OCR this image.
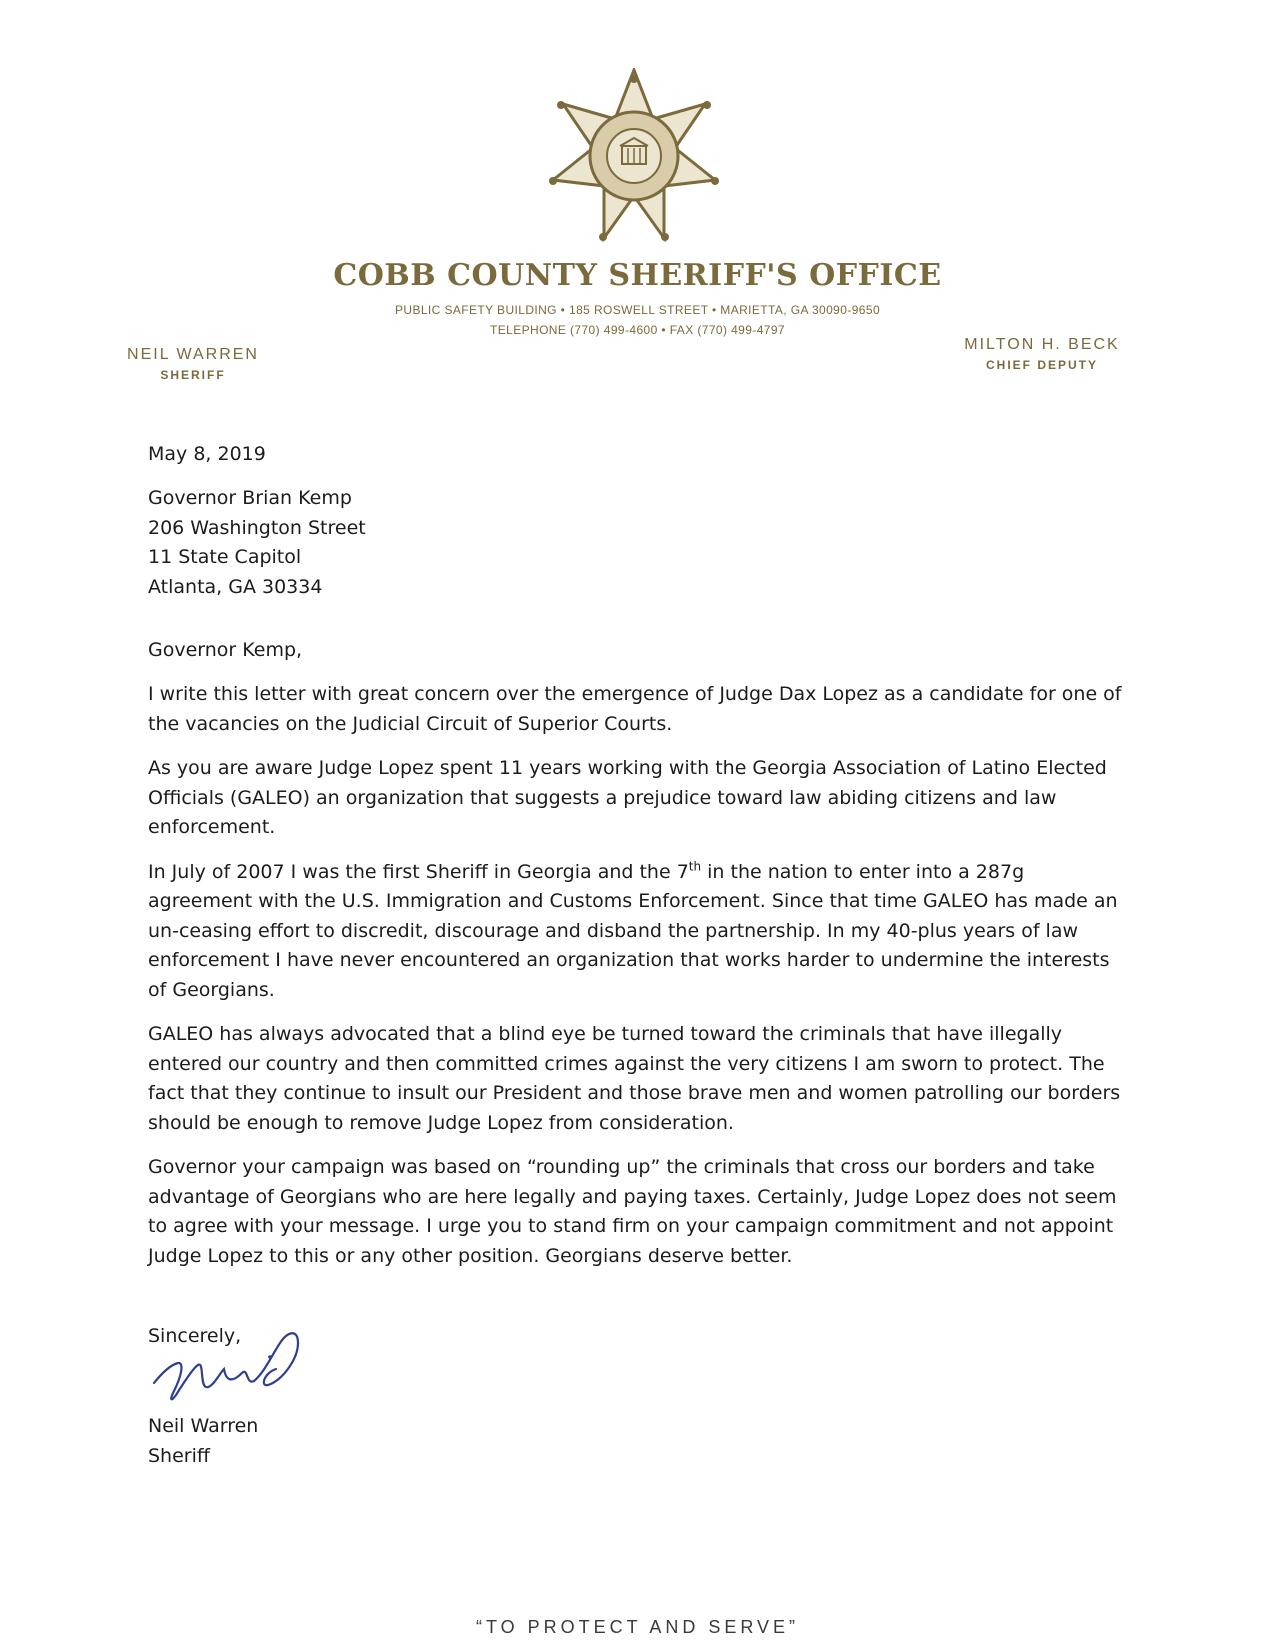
COBB COUNTY SHERIFF'S OFFICE
PUBLIC SAFETY BUILDING • 185 ROSWELL STREET • MARIETTA, GA 30090-9650
TELEPHONE (770) 499-4600 • FAX (770) 499-4797
NEIL WARREN
SHERIFF
MILTON H. BECK
CHIEF DEPUTY
May 8, 2019
Governor Brian Kemp
206 Washington Street
11 State Capitol
Atlanta, GA 30334
Governor Kemp,

I write this letter with great concern over the emergence of Judge Dax Lopez as a candidate for one of the vacancies on the Judicial Circuit of Superior Courts.

As you are aware Judge Lopez spent 11 years working with the Georgia Association of Latino Elected Officials (GALEO) an organization that suggests a prejudice toward law abiding citizens and law enforcement.

In July of 2007 I was the first Sheriff in Georgia and the 7th in the nation to enter into a 287g agreement with the U.S. Immigration and Customs Enforcement. Since that time GALEO has made an un-ceasing effort to discredit, discourage and disband the partnership. In my 40-plus years of law enforcement I have never encountered an organization that works harder to undermine the interests of Georgians.

GALEO has always advocated that a blind eye be turned toward the criminals that have illegally entered our country and then committed crimes against the very citizens I am sworn to protect. The fact that they continue to insult our President and those brave men and women patrolling our borders should be enough to remove Judge Lopez from consideration.

Governor your campaign was based on “rounding up” the criminals that cross our borders and take advantage of Georgians who are here legally and paying taxes. Certainly, Judge Lopez does not seem to agree with your message. I urge you to stand firm on your campaign commitment and not appoint Judge Lopez to this or any other position. Georgians deserve better.

Sincerely,
Neil Warren
Sheriff
“TO PROTECT AND SERVE”
